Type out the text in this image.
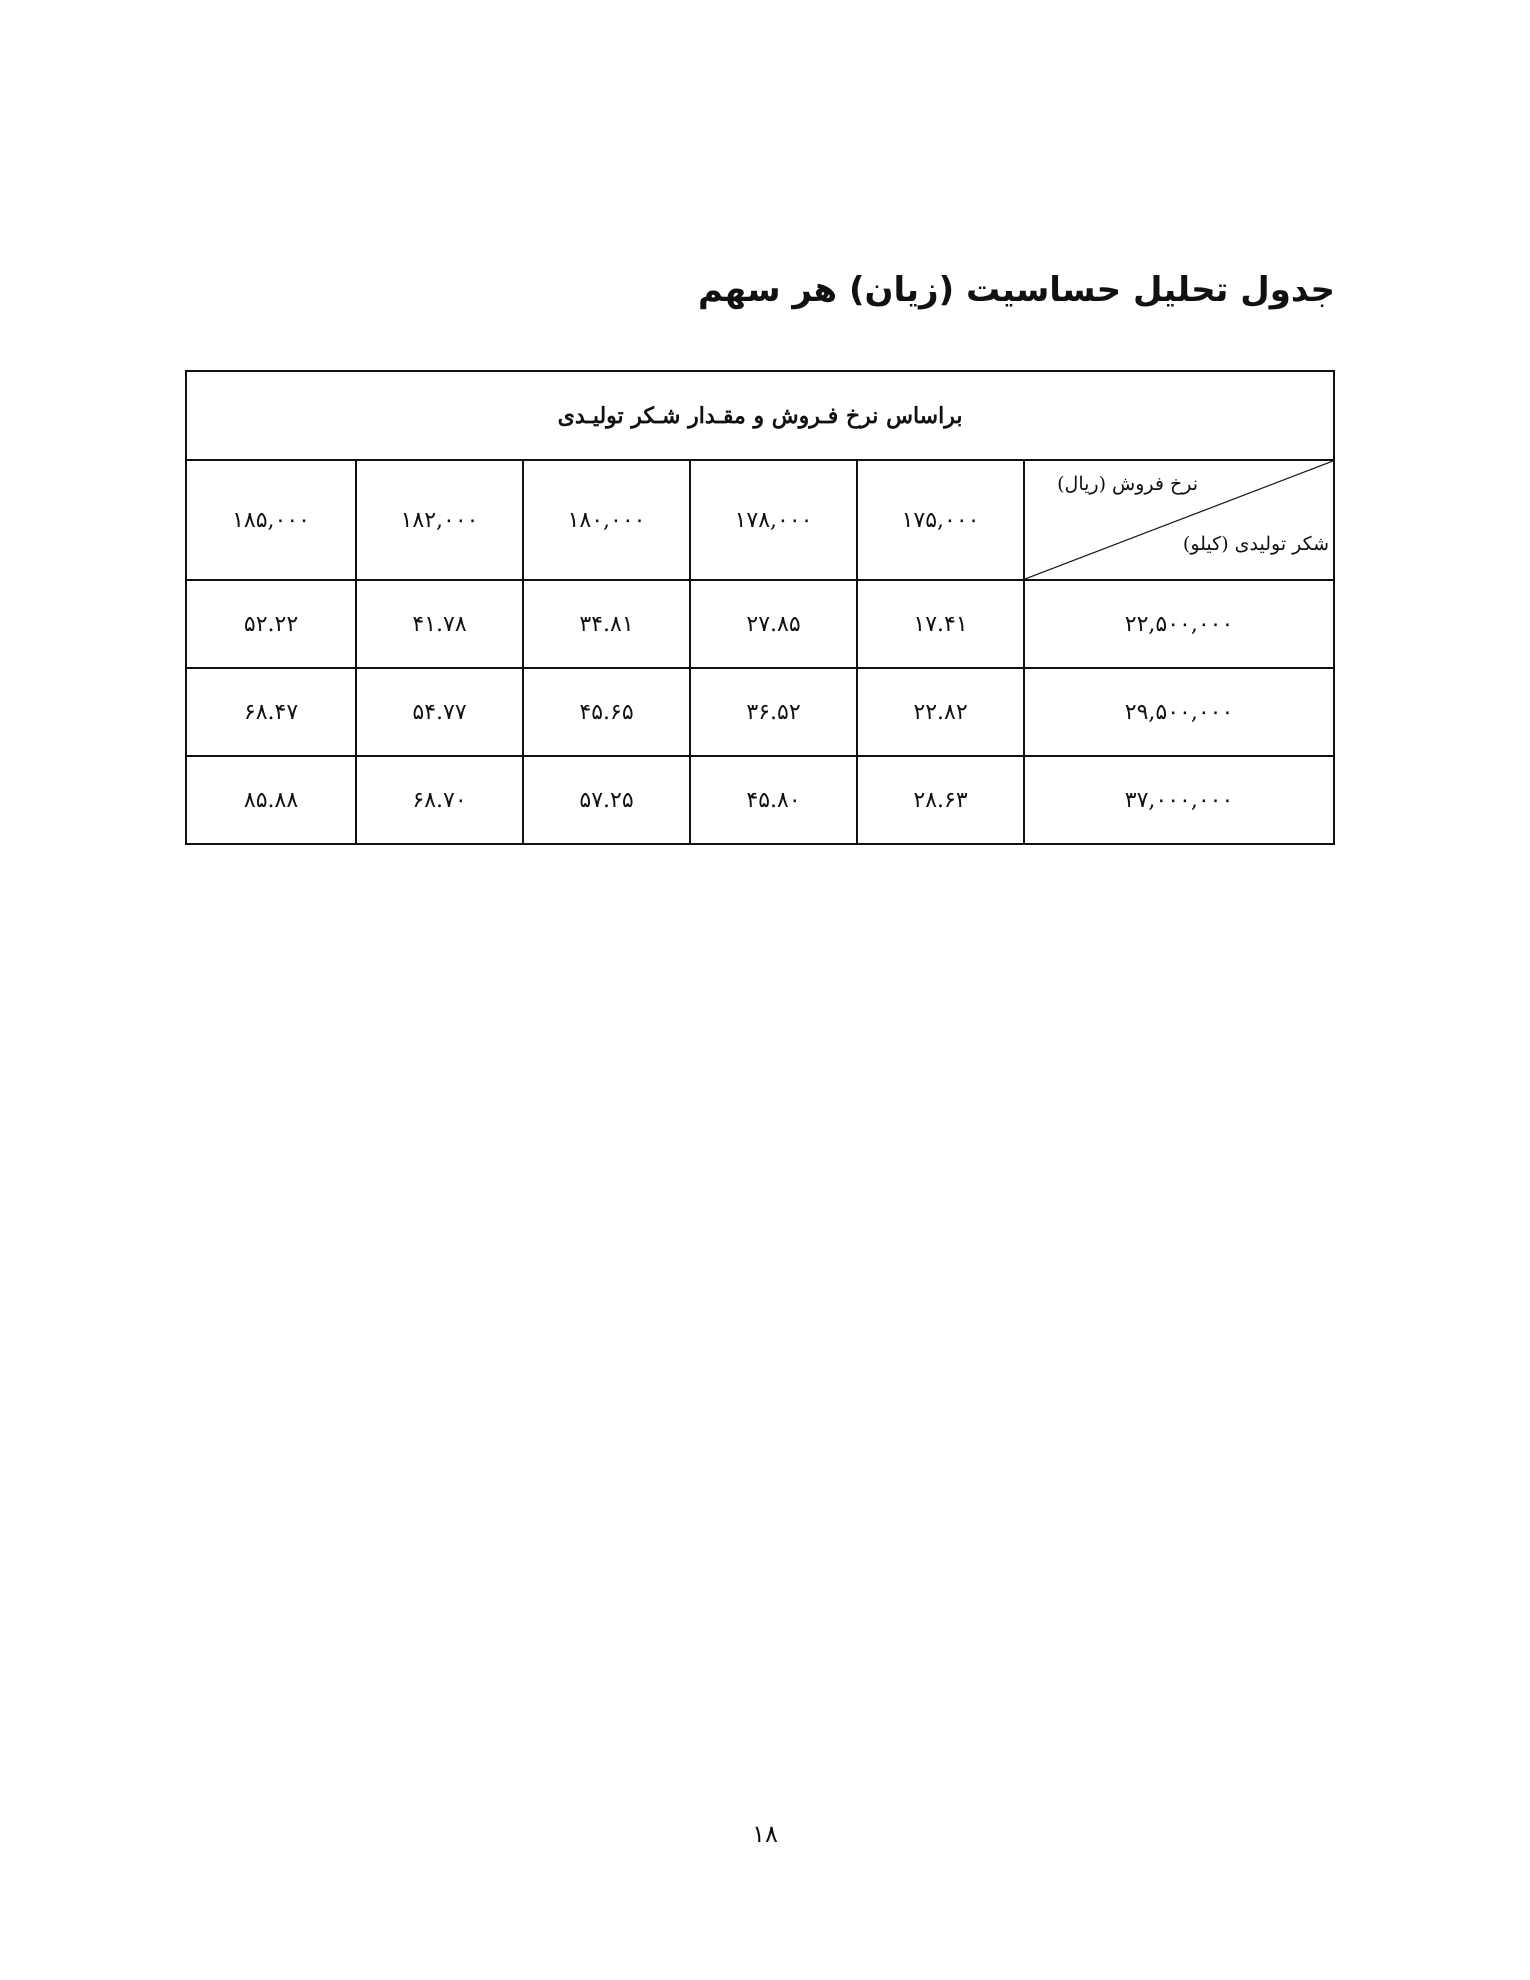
جدول تحلیل حساسیت (زیان) هر سهم
براساس نرخ فـروش و مقـدار شـکر تولیـدی					

نرخ فروش (ریال)
شکر تولیدی (کیلو)	۱۷۵,۰۰۰	۱۷۸,۰۰۰	۱۸۰,۰۰۰	۱۸۲,۰۰۰	۱۸۵,۰۰۰
۲۲,۵۰۰,۰۰۰	۱۷.۴۱	۲۷.۸۵	۳۴.۸۱	۴۱.۷۸	۵۲.۲۲
۲۹,۵۰۰,۰۰۰	۲۲.۸۲	۳۶.۵۲	۴۵.۶۵	۵۴.۷۷	۶۸.۴۷
۳۷,۰۰۰,۰۰۰	۲۸.۶۳	۴۵.۸۰	۵۷.۲۵	۶۸.۷۰	۸۵.۸۸
۱۸
